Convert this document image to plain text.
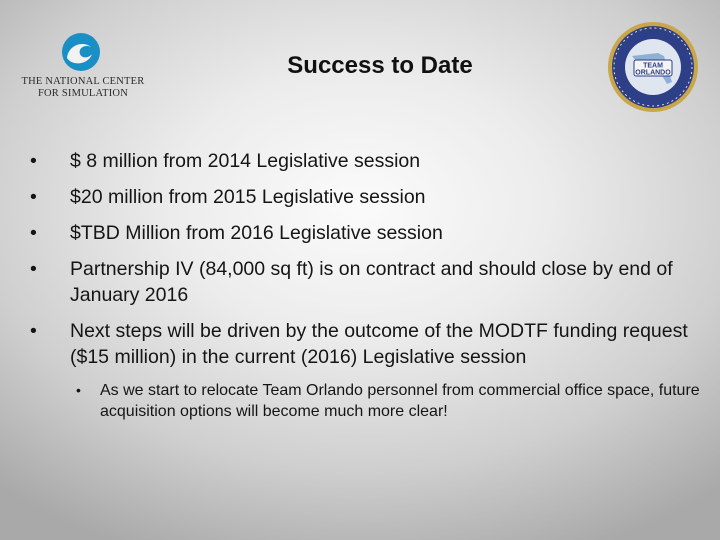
THE NATIONAL CENTER
FOR SIMULATION
Success to Date	TEAM
ORLANDO
• $ 8 million from 2014 Legislative session
• $20 million from 2015 Legislative session
• $TBD Million from 2016 Legislative session
• Partnership IV (84,000 sq ft) is on contract and should close by end of January 2016
• Next steps will be driven by the outcome of the MODTF funding request ($15 million) in the current (2016) Legislative session
• As we start to relocate Team Orlando personnel from commercial office space, future acquisition options will become much more clear!
